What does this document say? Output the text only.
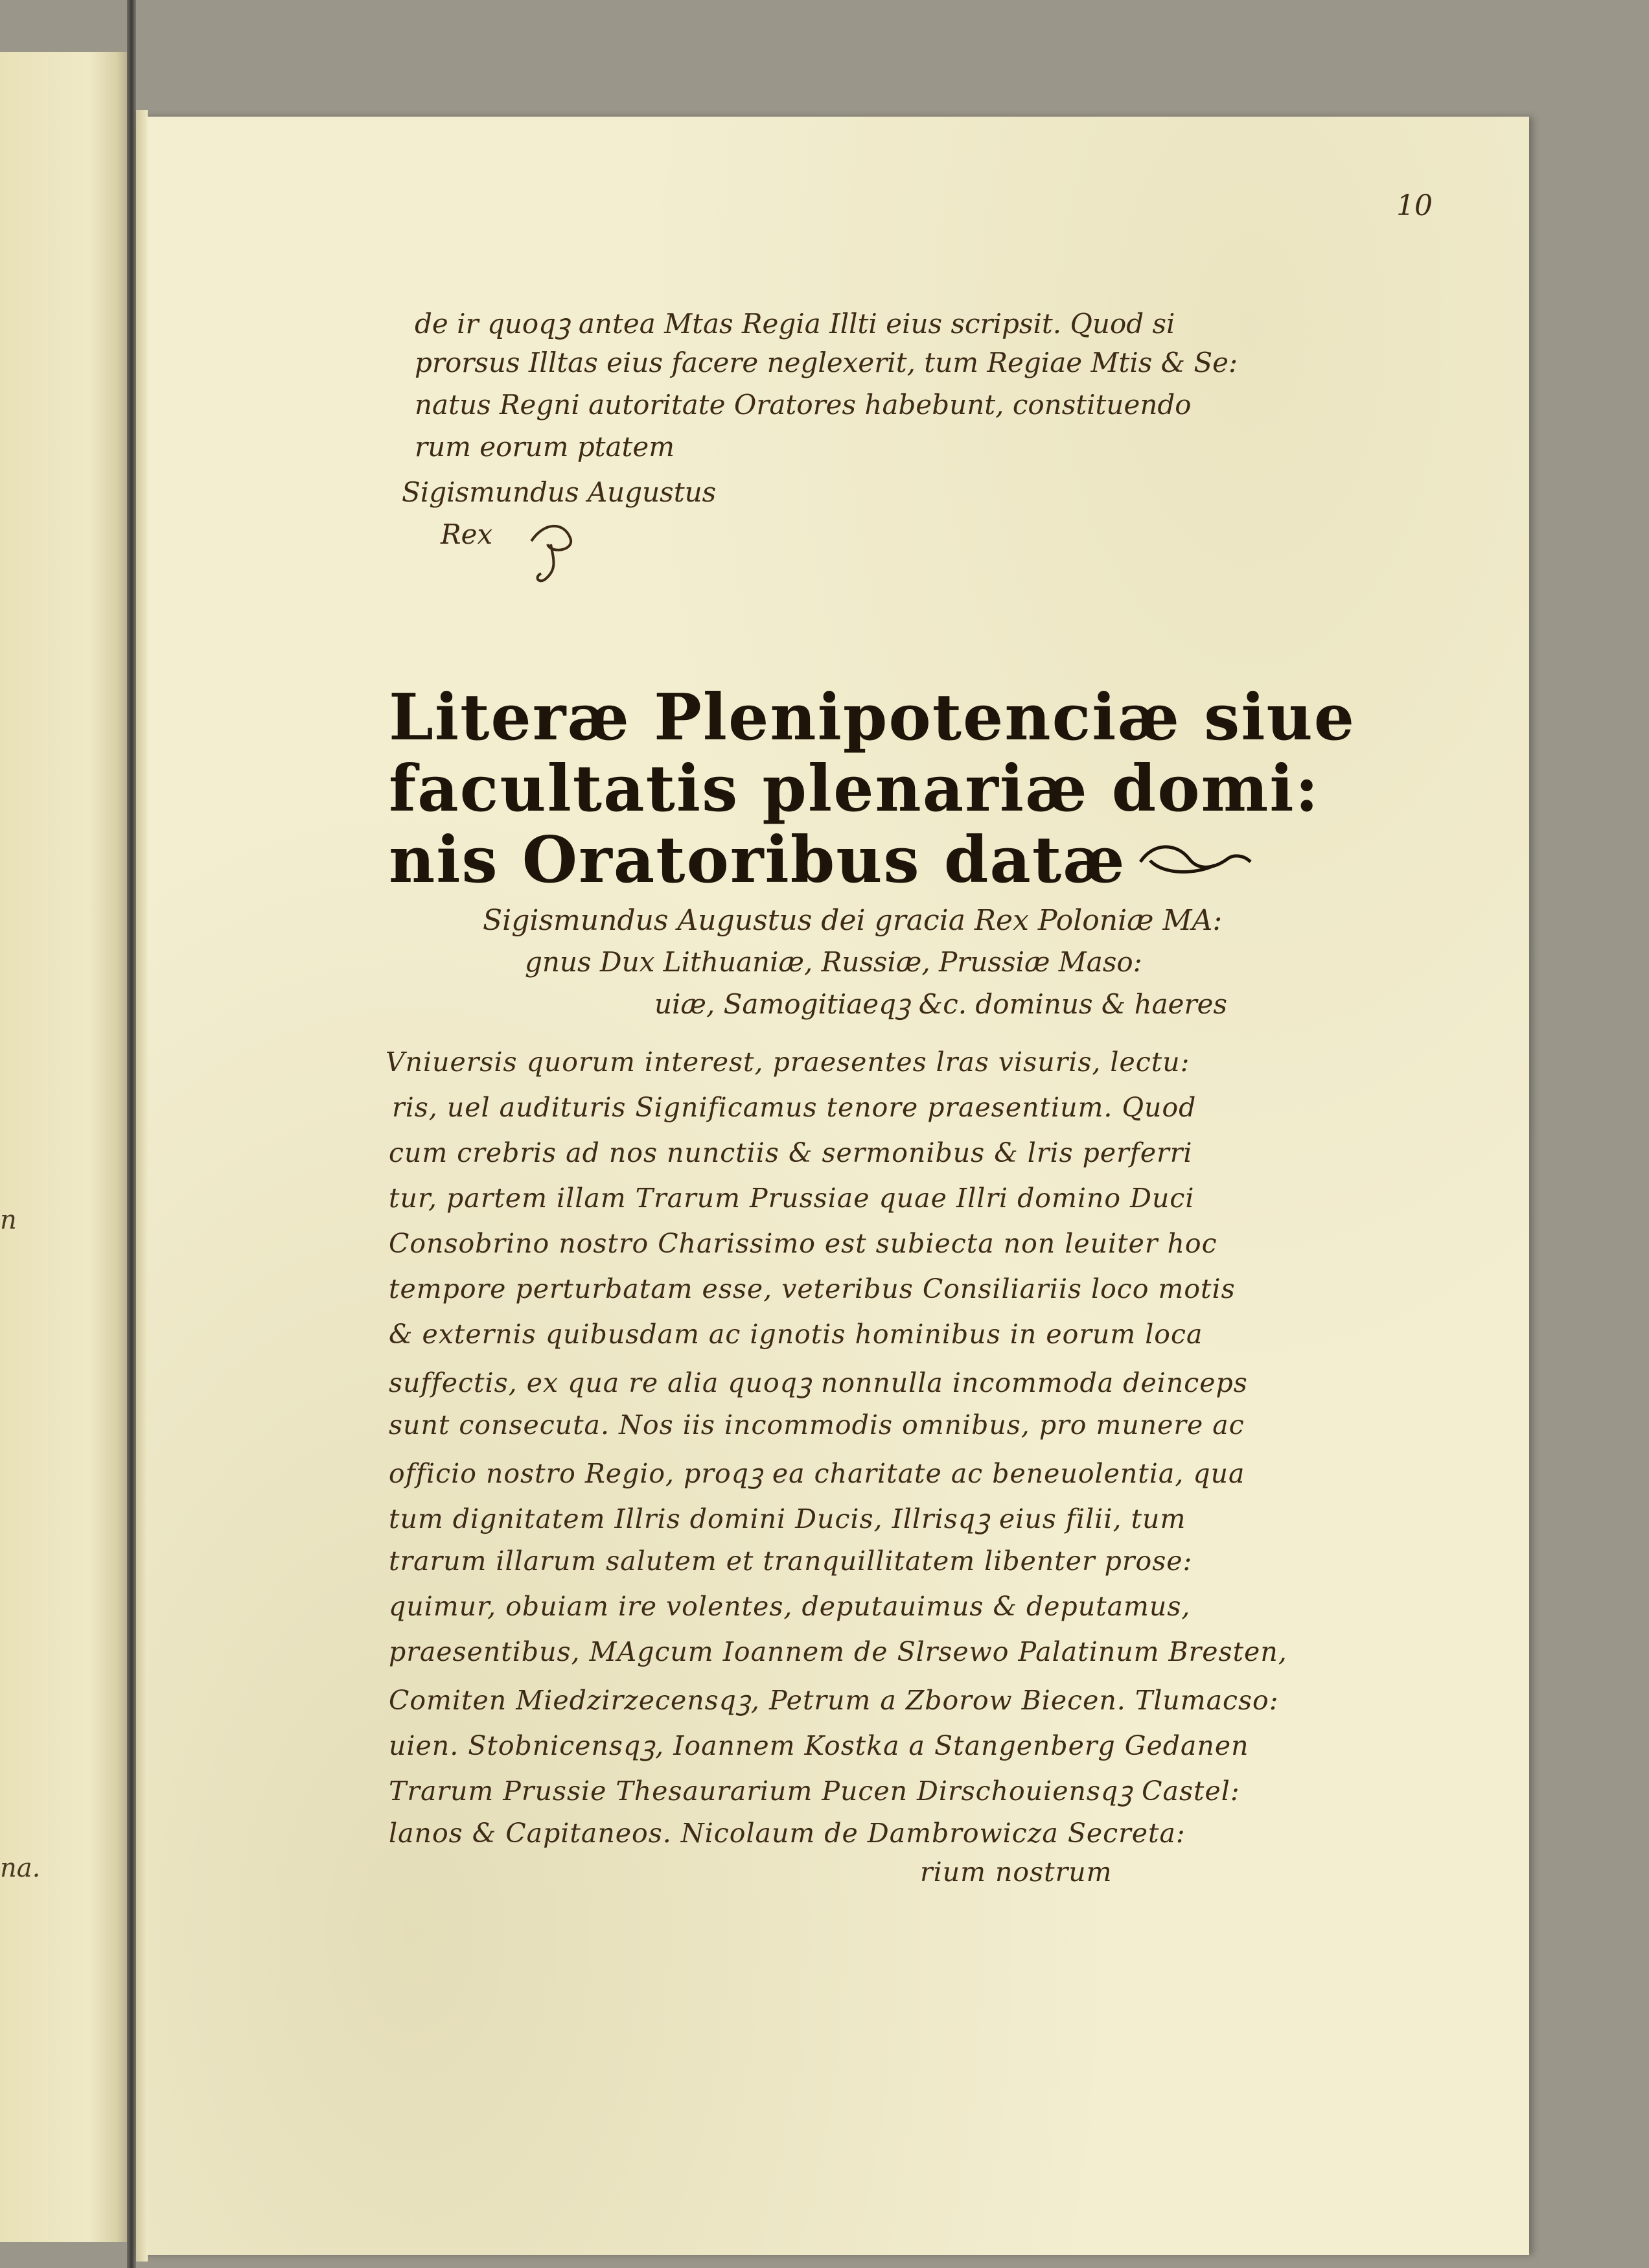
n
na.
10
de ir quoqꝫ antea Mtas Regia Illti eius scripsit. Quod si
prorsus Illtas eius facere neglexerit, tum Regiae Mtis & Se:
natus Regni autoritate Oratores habebunt, constituendo
rum eorum ptatem
Sigismundus Augustus
Rex
Literæ Plenipotenciæ siue
facultatis plenariæ domi:
nis Oratoribus datæ
Sigismundus Augustus dei gracia Rex Poloniæ MA:
gnus Dux Lithuaniæ, Russiæ, Prussiæ Maso:
uiæ, Samogitiaeqꝫ &c. dominus & haeres
Vniuersis quorum interest, praesentes lras visuris, lectu:
ris, uel audituris Significamus tenore praesentium. Quod
cum crebris ad nos nunctiis & sermonibus & lris perferri
tur, partem illam Trarum Prussiae quae Illri domino Duci
Consobrino nostro Charissimo est subiecta non leuiter hoc
tempore perturbatam esse, veteribus Consiliariis loco motis
& externis quibusdam ac ignotis hominibus in eorum loca
suffectis, ex qua re alia quoqꝫ nonnulla incommoda deinceps
sunt consecuta. Nos iis incommodis omnibus, pro munere ac
officio nostro Regio, proqꝫ ea charitate ac beneuolentia, qua
tum dignitatem Illris domini Ducis, Illrisqꝫ eius filii, tum
trarum illarum salutem et tranquillitatem libenter prose:
quimur, obuiam ire volentes, deputauimus & deputamus,
praesentibus, MAgcum Ioannem de Slrsewo Palatinum Bresten,
Comiten Miedzirzecensqꝫ, Petrum a Zborow Biecen. Tlumacso:
uien. Stobnicensqꝫ, Ioannem Kostka a Stangenberg Gedanen
Trarum Prussie Thesaurarium Pucen Dirschouiensqꝫ Castel:
lanos & Capitaneos. Nicolaum de Dambrowicza Secreta:
rium nostrum
